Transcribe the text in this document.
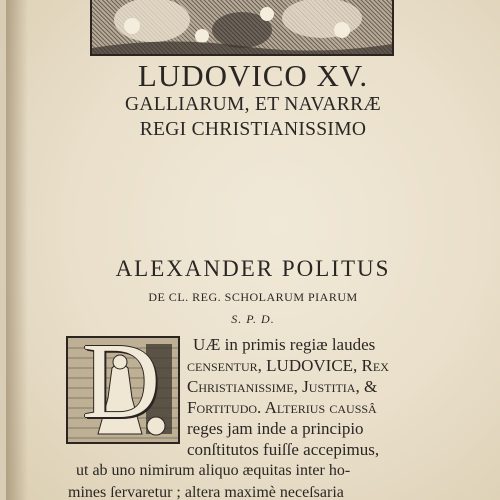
LUDOVICO XV.
GALLIARUM, ET NAVARRÆ
REGI CHRISTIANISSIMO
ALEXANDER POLITUS
DE CL. REG. SCHOLARUM PIARUM
S. P. D.
D UÆ in primis regiæ laudes
cenſentur, LUDOVICE, Rex
Christianissime, Justitia, &
Fortitudo. Alterius cauſsâ
reges jam inde a principio
conſtitutos fuiſſe accepimus,
ut ab uno nimirum aliquo æquitas inter ho-
mines ſervaretur ; altera maximè neceſsaria
